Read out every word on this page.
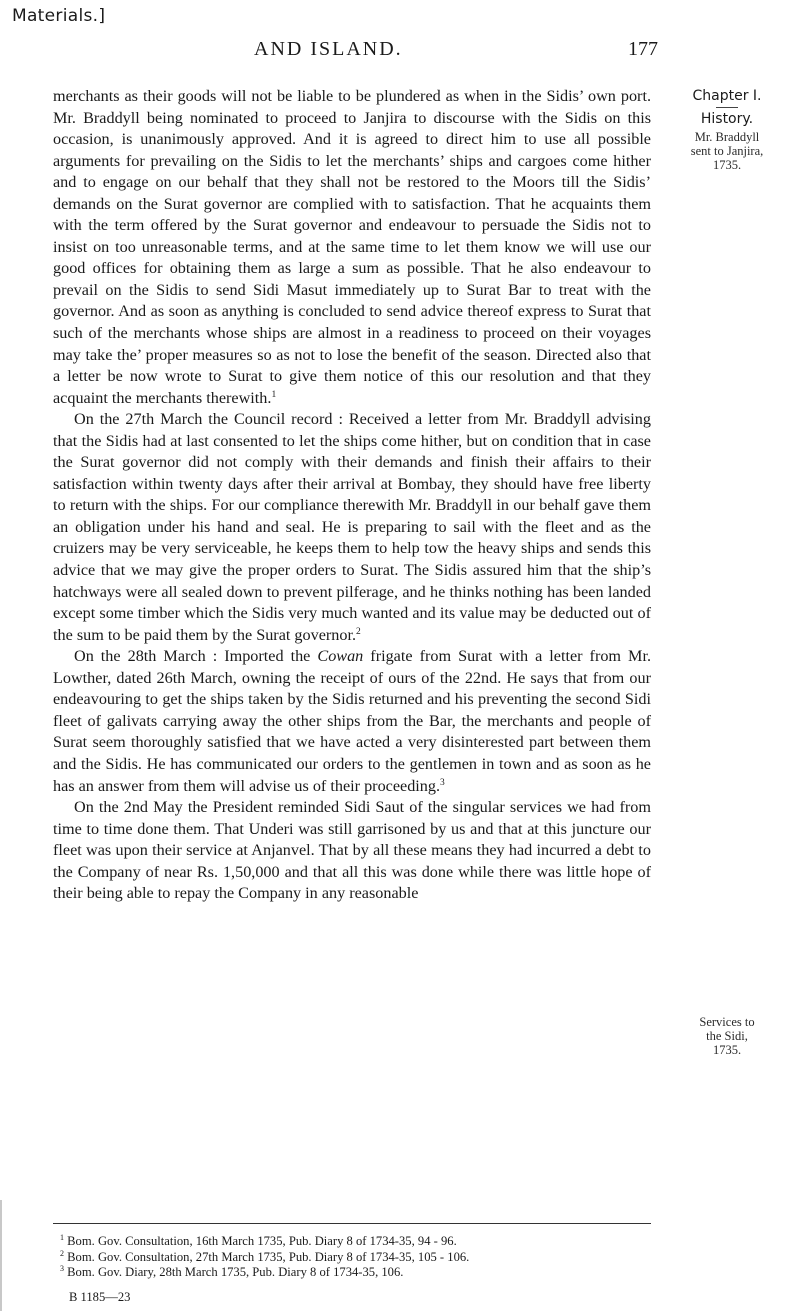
Materials.]
AND ISLAND.	177

merchants as their goods will not be liable to be plundered as when in the Sidis’ own port. Mr. Braddyll being nominated to proceed to Janjira to discourse with the Sidis on this occasion, is unanimously approved. And it is agreed to direct him to use all possible arguments for prevailing on the Sidis to let the merchants’ ships and cargoes come hither and to engage on our behalf that they shall not be restored to the Moors till the Sidis’ demands on the Surat governor are complied with to satisfaction. That he acquaints them with the term offered by the Surat governor and endeavour to persuade the Sidis not to insist on too unreasonable terms, and at the same time to let them know we will use our good offices for obtaining them as large a sum as possible. That he also endeavour to prevail on the Sidis to send Sidi Masut immediately up to Surat Bar to treat with the governor. And as soon as anything is concluded to send advice thereof express to Surat that such of the merchants whose ships are almost in a readiness to proceed on their voyages may take the’ proper measures so as not to lose the benefit of the season. Directed also that a letter be now wrote to Surat to give them notice of this our resolution and that they acquaint the merchants therewith.$^1$

On the 27th March the Council record : Received a letter from Mr. Braddyll advising that the Sidis had at last consented to let the ships come hither, but on condition that in case the Surat governor did not comply with their demands and finish their affairs to their satisfaction within twenty days after their arrival at Bombay, they should have free liberty to return with the ships. For our compliance therewith Mr. Braddyll in our behalf gave them an obligation under his hand and seal. He is preparing to sail with the fleet and as the cruizers may be very serviceable, he keeps them to help tow the heavy ships and sends this advice that we may give the proper orders to Surat. The Sidis assured him that the ship’s hatchways were all sealed down to prevent pilferage, and he thinks nothing has been landed except some timber which the Sidis very much wanted and its value may be deducted out of the sum to be paid them by the Surat governor.$^2$

On the 28th March : Imported the Cowan frigate from Surat with a letter from Mr. Lowther, dated 26th March, owning the receipt of ours of the 22nd. He says that from our endeavouring to get the ships taken by the Sidis returned and his preventing the second Sidi fleet of galivats carrying away the other ships from the Bar, the merchants and people of Surat seem thoroughly satisfied that we have acted a very disinterested part between them and the Sidis. He has communicated our orders to the gentlemen in town and as soon as he has an answer from them will advise us of their proceeding.$^3$

On the 2nd May the President reminded Sidi Saut of the singular services we had from time to time done them. That Underi was still garrisoned by us and that at this juncture our fleet was upon their service at Anjanvel. That by all these means they had incurred a debt to the Company of near Rs. 1,50,000 and that all this was done while there was little hope of their being able to repay the Company in any reasonable

Chapter I.
History.
Mr. Braddyll
sent to Janjira,
1735.
Services to
the Sidi,
1735.
$^1$ Bom. Gov. Consultation, 16th March 1735, Pub. Diary 8 of 1734-35, 94 - 96.
$^2$ Bom. Gov. Consultation, 27th March 1735, Pub. Diary 8 of 1734-35, 105 - 106.
$^3$ Bom. Gov. Diary, 28th March 1735, Pub. Diary 8 of 1734-35, 106.
B 1185—23
